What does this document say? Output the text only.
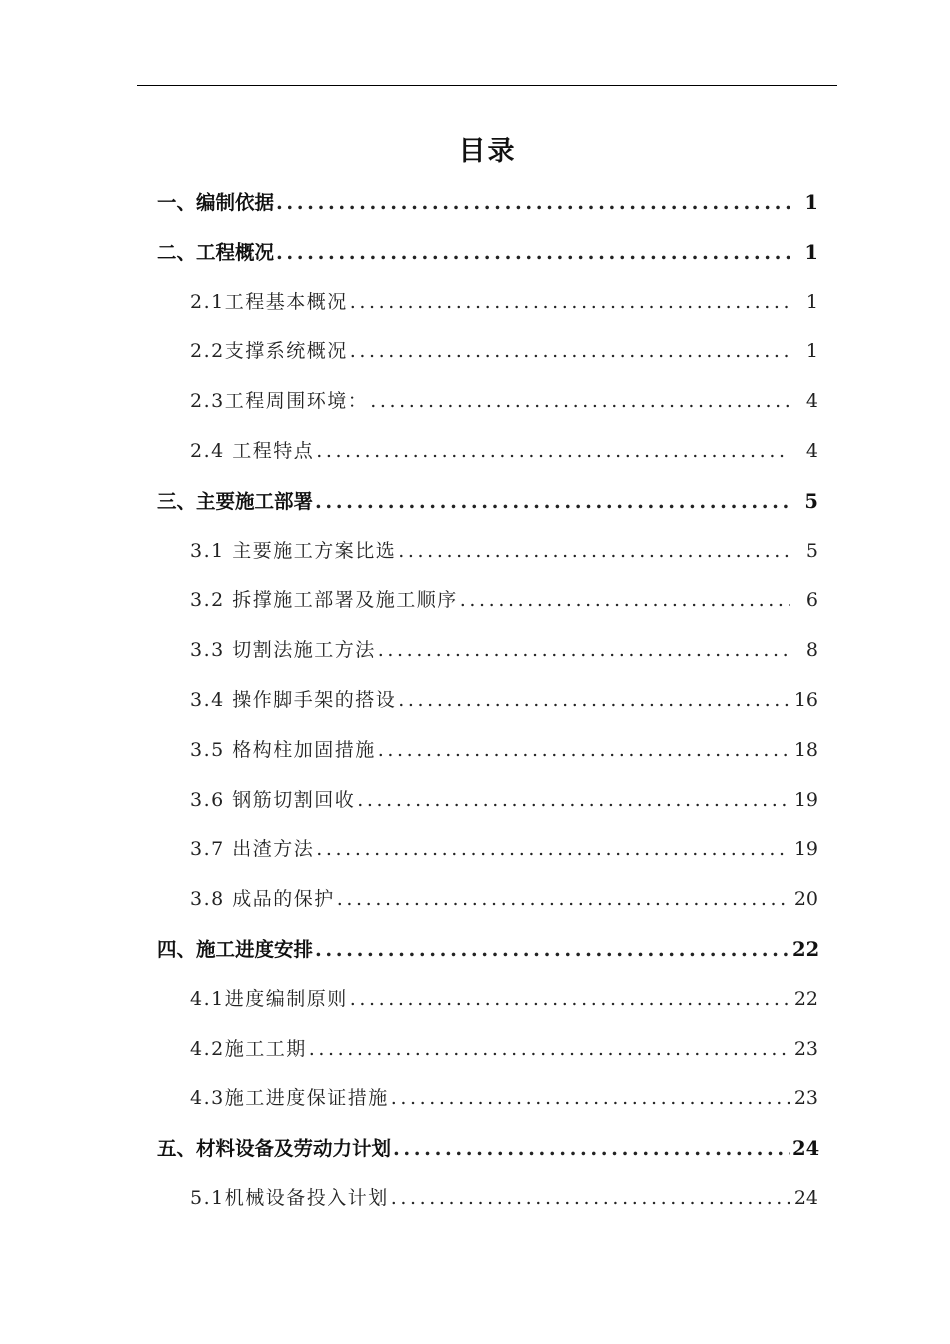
目录
一、编制依据 .....	1
二、工程概况 .....	1
2.1工程基本概况 .....	1
2.2支撑系统概况 .....	1
2.3工程周围环境： .....	4
2.4 工程特点 .....	4
三、主要施工部署 .....	5
3.1 主要施工方案比选 .....	5
3.2 拆撑施工部署及施工顺序 .....	6
3.3 切割法施工方法 .....	8
3.4 操作脚手架的搭设 .....	16
3.5 格构柱加固措施 .....	18
3.6 钢筋切割回收 .....	19
3.7 出渣方法 .....	19
3.8 成品的保护 .....	20
四、施工进度安排 .....	22
4.1进度编制原则 .....	22
4.2施工工期 .....	23
4.3施工进度保证措施 .....	23
五、材料设备及劳动力计划 .....	24
5.1机械设备投入计划 .....	24
